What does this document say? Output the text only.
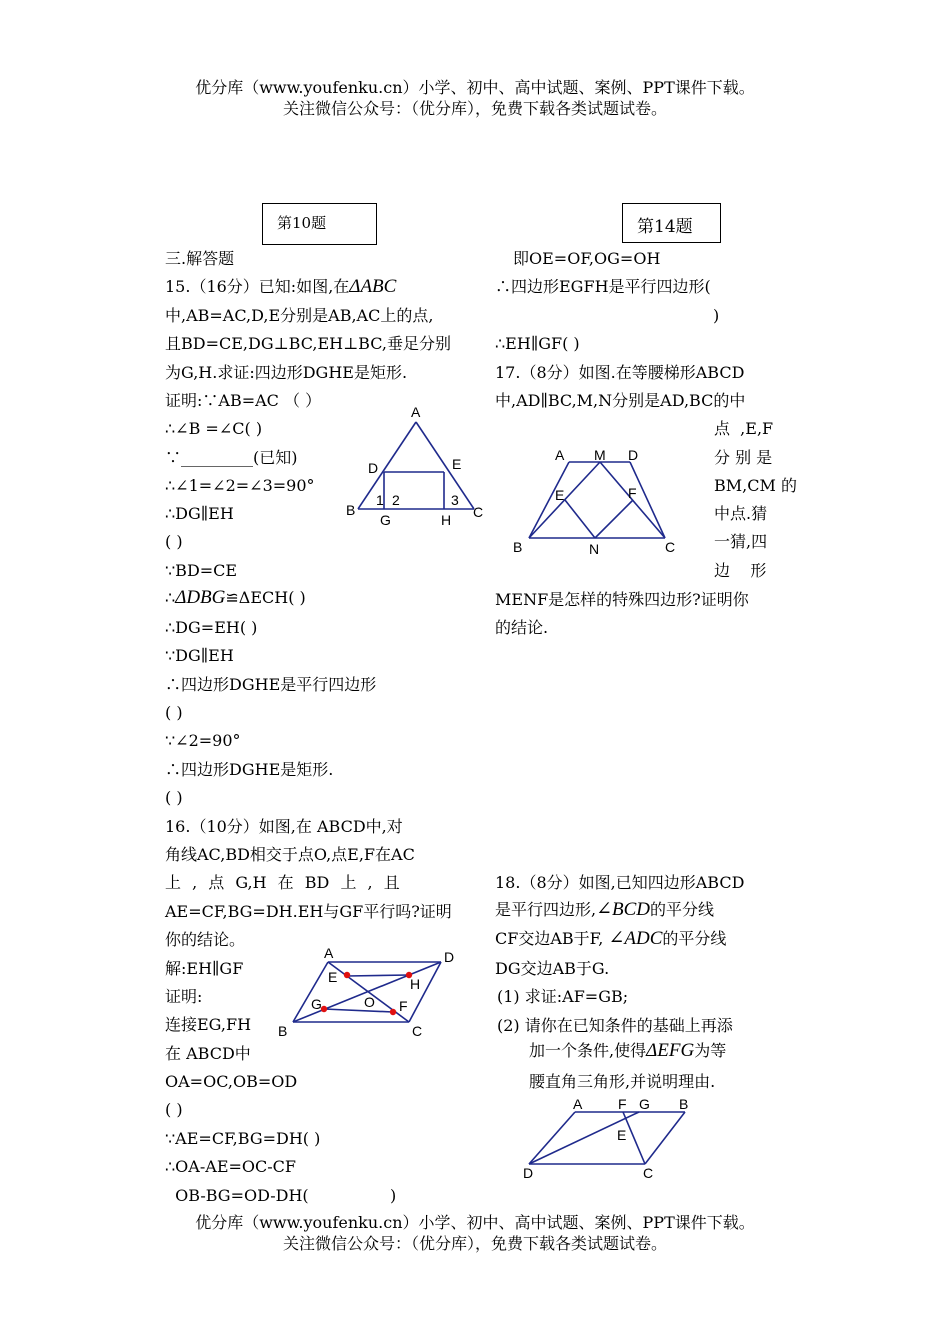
优分库（www.youfenku.cn）小学、初中、高中试题、案例、PPT课件下载。
关注微信公众号：（优分库），免费下载各类试题试卷。
第10题	第14题
三.解答题
15.（16分）已知:如图,在ΔABC
中,AB=AC,D,E分别是AB,AC上的点,
且BD=CE,DG⊥BC,EH⊥BC,垂足分别
为G,H.求证:四边形DGHE是矩形.
证明:∵AB=AC （ ）
∴∠B =∠C( )
∵_________(已知)
∴∠1=∠2=∠3=90°
∴DG∥EH
( )
∵BD=CE
∴ΔDBG≌ΔECH( )
∴DG=EH( )
∵DG∥EH
∴四边形DGHE是平行四边形
( )
∵∠2=90°
∴四边形DGHE是矩形.
( )
16.（10分）如图,在 ABCD中,对
角线AC,BD相交于点O,点E,F在AC
上 , 点 G,H 在 BD 上 , 且
AE=CF,BG=DH.EH与GF平行吗?证明
你的结论。
解:EH∥GF
证明:
连接EG,FH
在 ABCD中
OA=OC,OB=OD
( )
∵AE=CF,BG=DH( )
∴OA-AE=OC-CF
OB-BG=OD-DH(                )
即OE=OF,OG=OH
∴四边形EGFH是平行四边形(
)
∴EH∥GF( )
17.（8分）如图.在等腰梯形ABCD
中,AD∥BC,M,N分别是AD,BC的中
点  ,E,F
分 别 是
BM,CM 的
中点.猜
一猜,四
边    形
MENF是怎样的特殊四边形?证明你
的结论.
18.（8分）如图,已知四边形ABCD
是平行四边形,∠BCD的平分线
CF交边AB于F, ∠ADC的平分线
DG交边AB于G.
(1) 求证:AF=GB;
(2) 请你在已知条件的基础上再添
加一个条件,使得ΔEFG为等
腰直角三角形,并说明理由.
A
D	E
1 2	3
B	C
G	H
A M D
E	F
B	N	C
A	D
E	H
G	O F
B	C
A	F G B
E
D	C
优分库（www.youfenku.cn）小学、初中、高中试题、案例、PPT课件下载。
关注微信公众号：（优分库），免费下载各类试题试卷。
